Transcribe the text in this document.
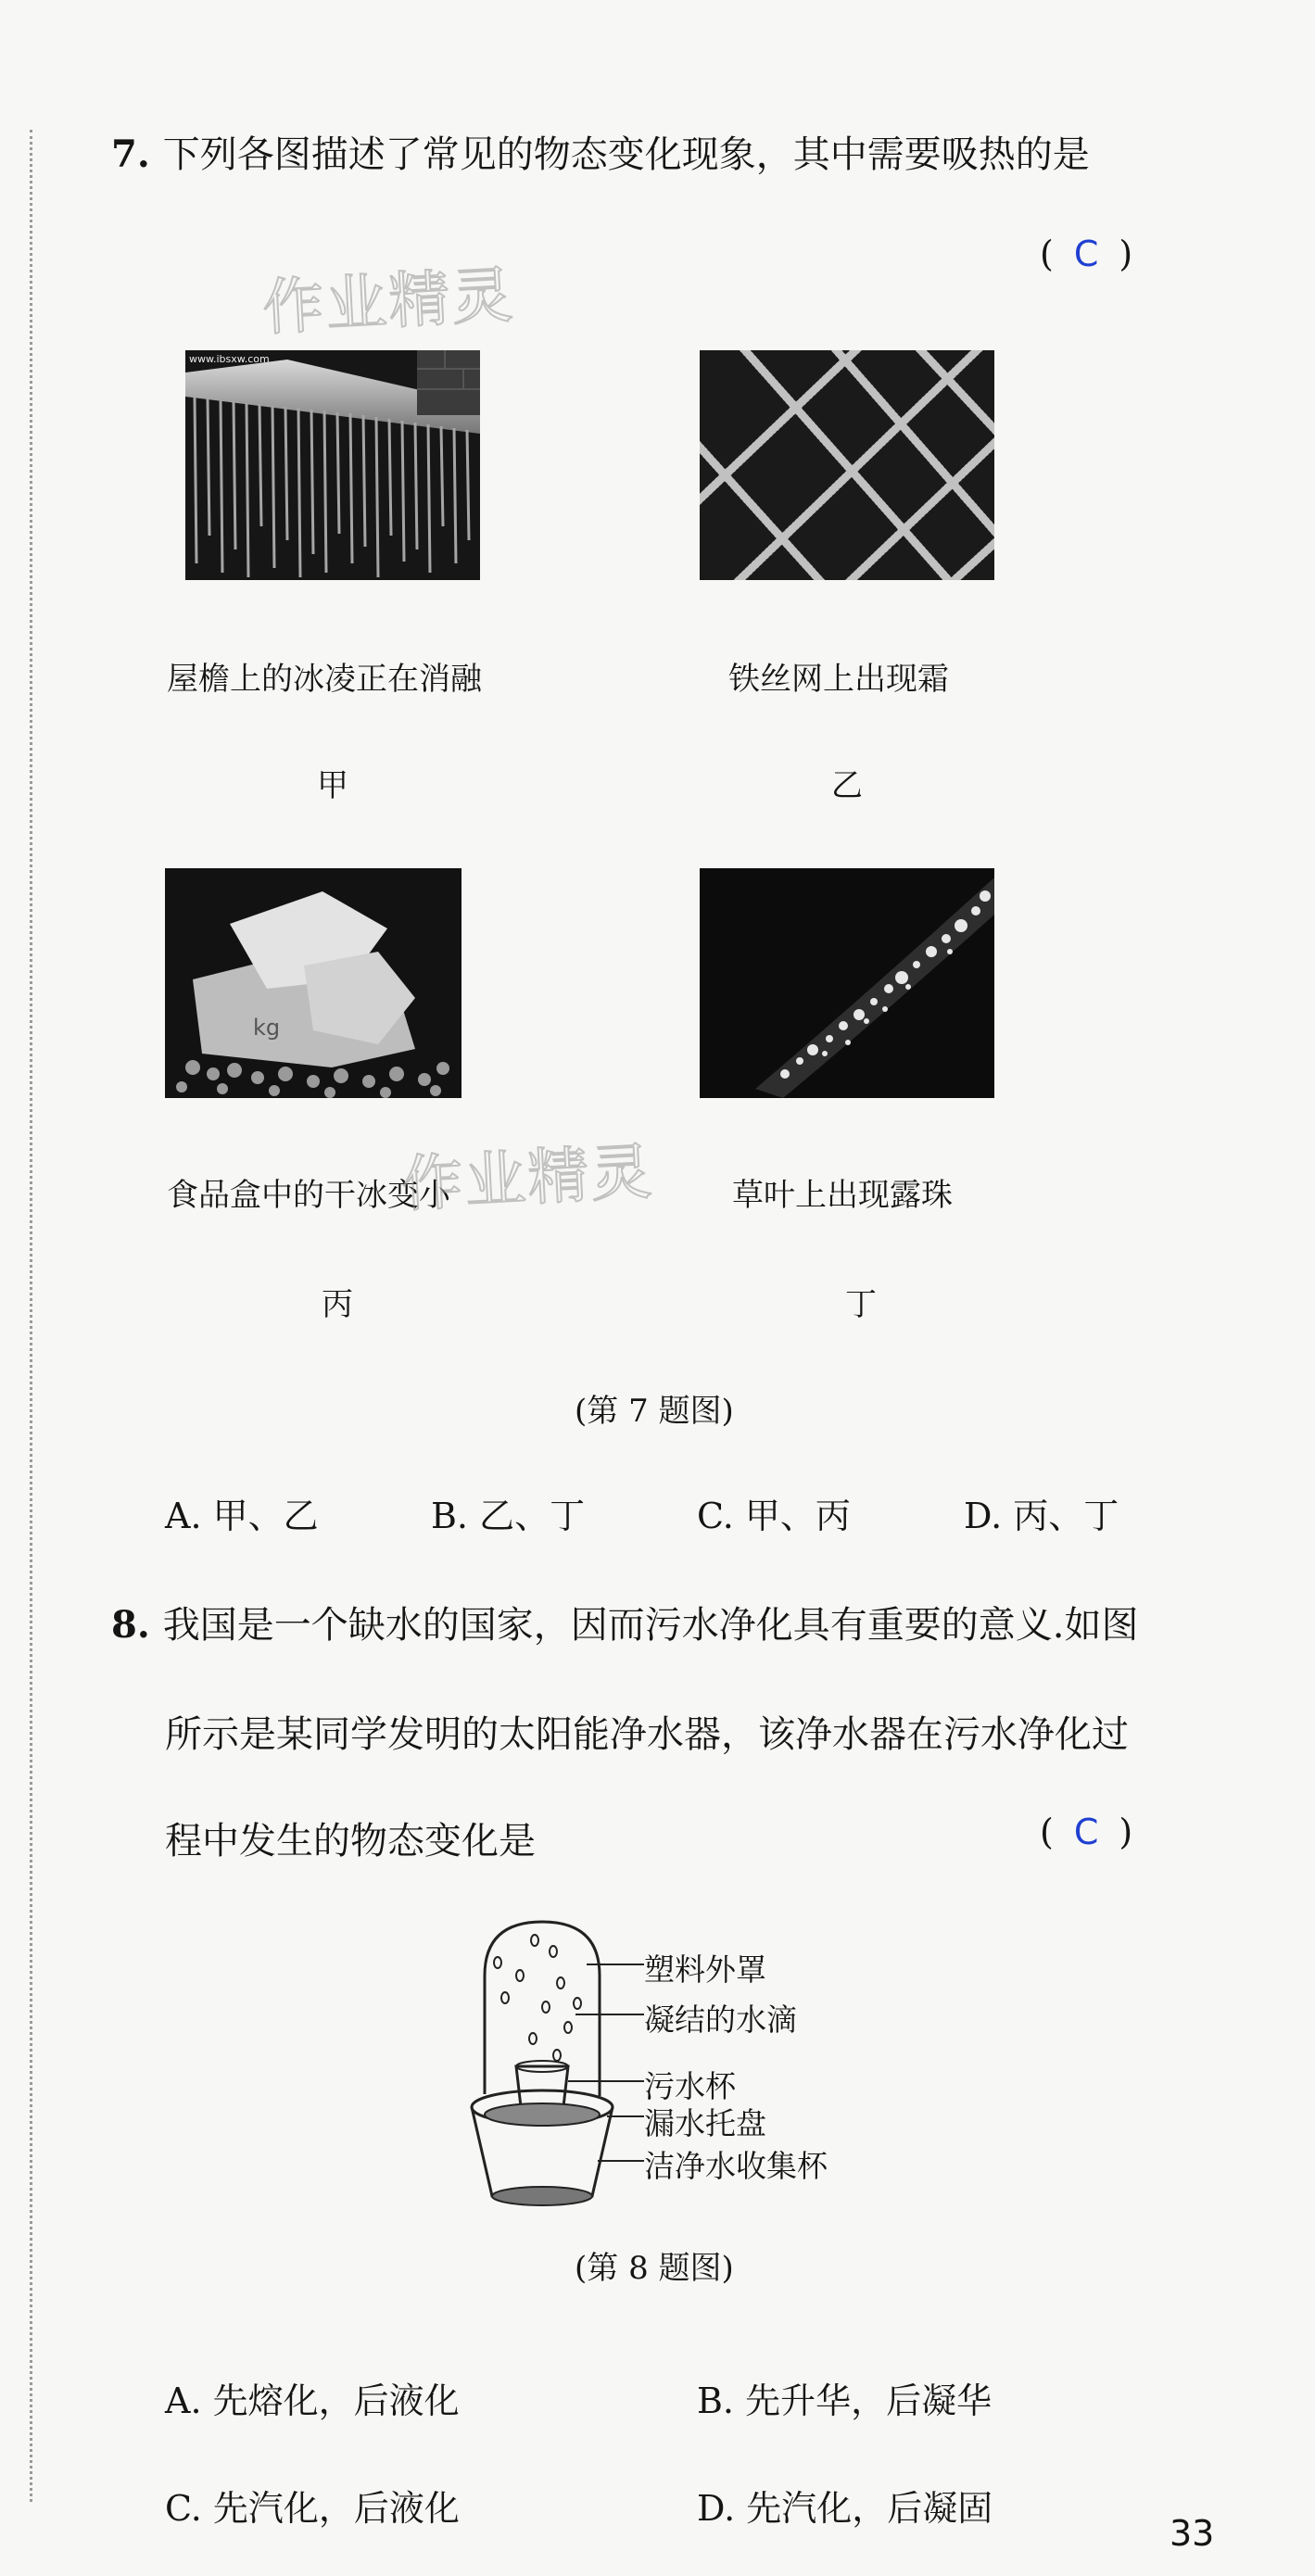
7. 下列各图描述了常见的物态变化现象，其中需要吸热的是
( C )
作业精灵
www.ibsxw.com
屋檐上的冰凌正在消融
甲
铁丝网上出现霜
乙
kg
食品盒中的干冰变小
作业精灵
丙
草叶上出现露珠
丁
(第 7 题图)
A. 甲、乙	B. 乙、丁	C. 甲、丙	D. 丙、丁
8. 我国是一个缺水的国家，因而污水净化具有重要的意义.如图
所示是某同学发明的太阳能净水器，该净水器在污水净化过
程中发生的物态变化是	( C )
塑料外罩
凝结的水滴
污水杯
漏水托盘
洁净水收集杯
(第 8 题图)
A. 先熔化，后液化	B. 先升华，后凝华
C. 先汽化，后液化	D. 先汽化，后凝固
33
